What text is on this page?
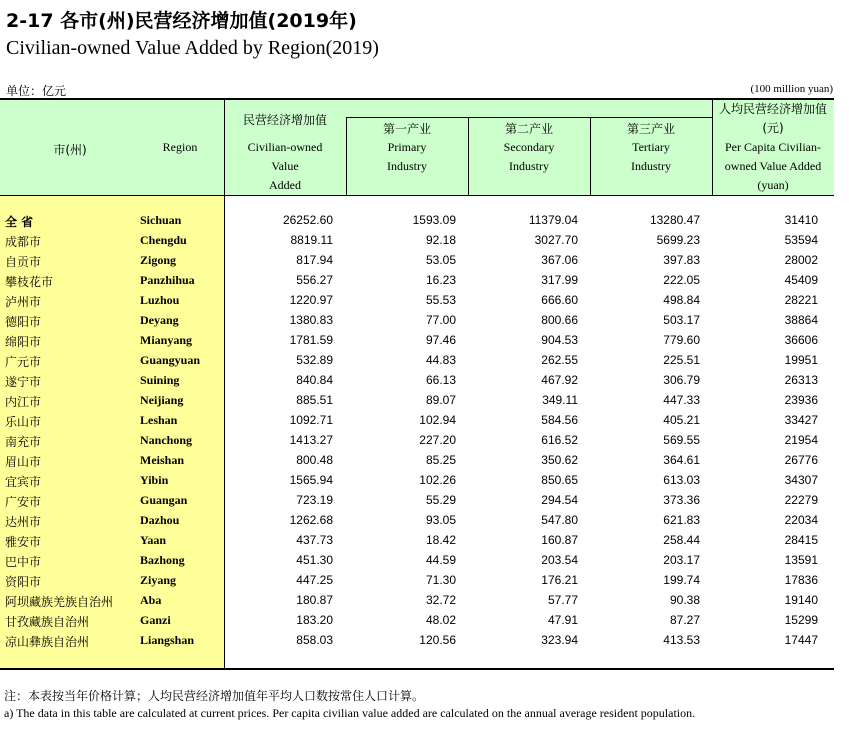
2-17 各市(州)民营经济增加值(2019年)
Civilian-owned Value Added by Region(2019)
单位：亿元	(100 million yuan)
市(州)	Region
民营经济增加值
Civilian-owned
Value
Added
第一产业
Primary
Industry
第二产业
Secondary
Industry
第三产业
Tertiary
Industry
人均民营经济增加值
(元)
Per Capita Civilian-
owned Value Added
(yuan)
全 省	Sichuan	26252.60	1593.09	11379.04	13280.47	31410
成都市	Chengdu	8819.11	92.18	3027.70	5699.23	53594
自贡市	Zigong	817.94	53.05	367.06	397.83	28002
攀枝花市	Panzhihua	556.27	16.23	317.99	222.05	45409
泸州市	Luzhou	1220.97	55.53	666.60	498.84	28221
德阳市	Deyang	1380.83	77.00	800.66	503.17	38864
绵阳市	Mianyang	1781.59	97.46	904.53	779.60	36606
广元市	Guangyuan	532.89	44.83	262.55	225.51	19951
遂宁市	Suining	840.84	66.13	467.92	306.79	26313
内江市	Neijiang	885.51	89.07	349.11	447.33	23936
乐山市	Leshan	1092.71	102.94	584.56	405.21	33427
南充市	Nanchong	1413.27	227.20	616.52	569.55	21954
眉山市	Meishan	800.48	85.25	350.62	364.61	26776
宜宾市	Yibin	1565.94	102.26	850.65	613.03	34307
广安市	Guangan	723.19	55.29	294.54	373.36	22279
达州市	Dazhou	1262.68	93.05	547.80	621.83	22034
雅安市	Yaan	437.73	18.42	160.87	258.44	28415
巴中市	Bazhong	451.30	44.59	203.54	203.17	13591
资阳市	Ziyang	447.25	71.30	176.21	199.74	17836
阿坝藏族羌族自治州 Aba	180.87	32.72	57.77	90.38	19140
甘孜藏族自治州	Ganzi	183.20	48.02	47.91	87.27	15299
凉山彝族自治州	Liangshan	858.03	120.56	323.94	413.53	17447
注：本表按当年价格计算；人均民营经济增加值年平均人口数按常住人口计算。
a) The data in this table are calculated at current prices. Per capita civilian value added are calculated on the annual average resident population.
